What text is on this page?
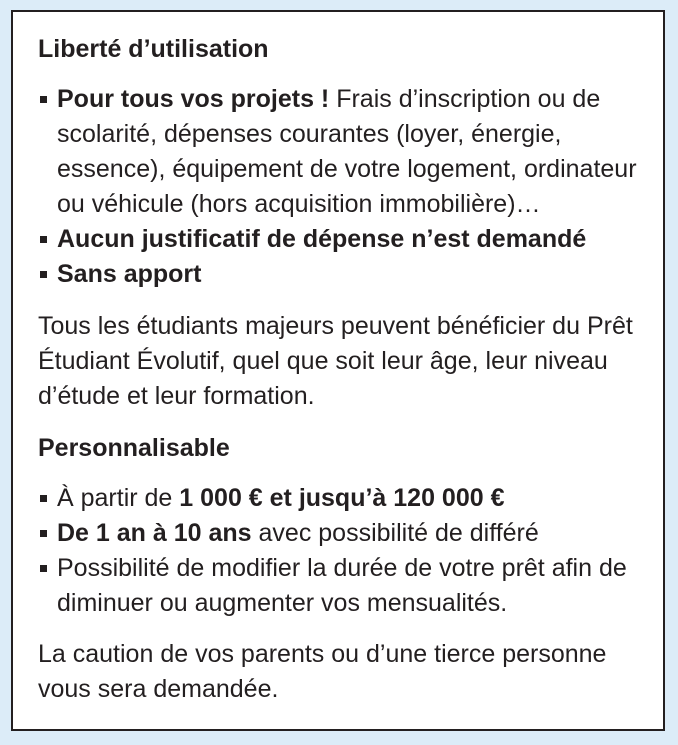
Liberté d’utilisation
Pour tous vos projets ! Frais d’inscription ou de scolarité, dépenses courantes (loyer, énergie, essence), équipement de votre logement, ordinateur ou véhicule (hors acquisition immobilière)…
Aucun justificatif de dépense n’est demandé
Sans apport

Tous les étudiants majeurs peuvent bénéficier du Prêt Étudiant Évolutif, quel que soit leur âge, leur niveau d’étude et leur formation.

Personnalisable
À partir de 1 000 € et jusqu’à 120 000 €
De 1 an à 10 ans avec possibilité de différé
Possibilité de modifier la durée de votre prêt afin de diminuer ou augmenter vos mensualités.

La caution de vos parents ou d’une tierce personne vous sera demandée.
